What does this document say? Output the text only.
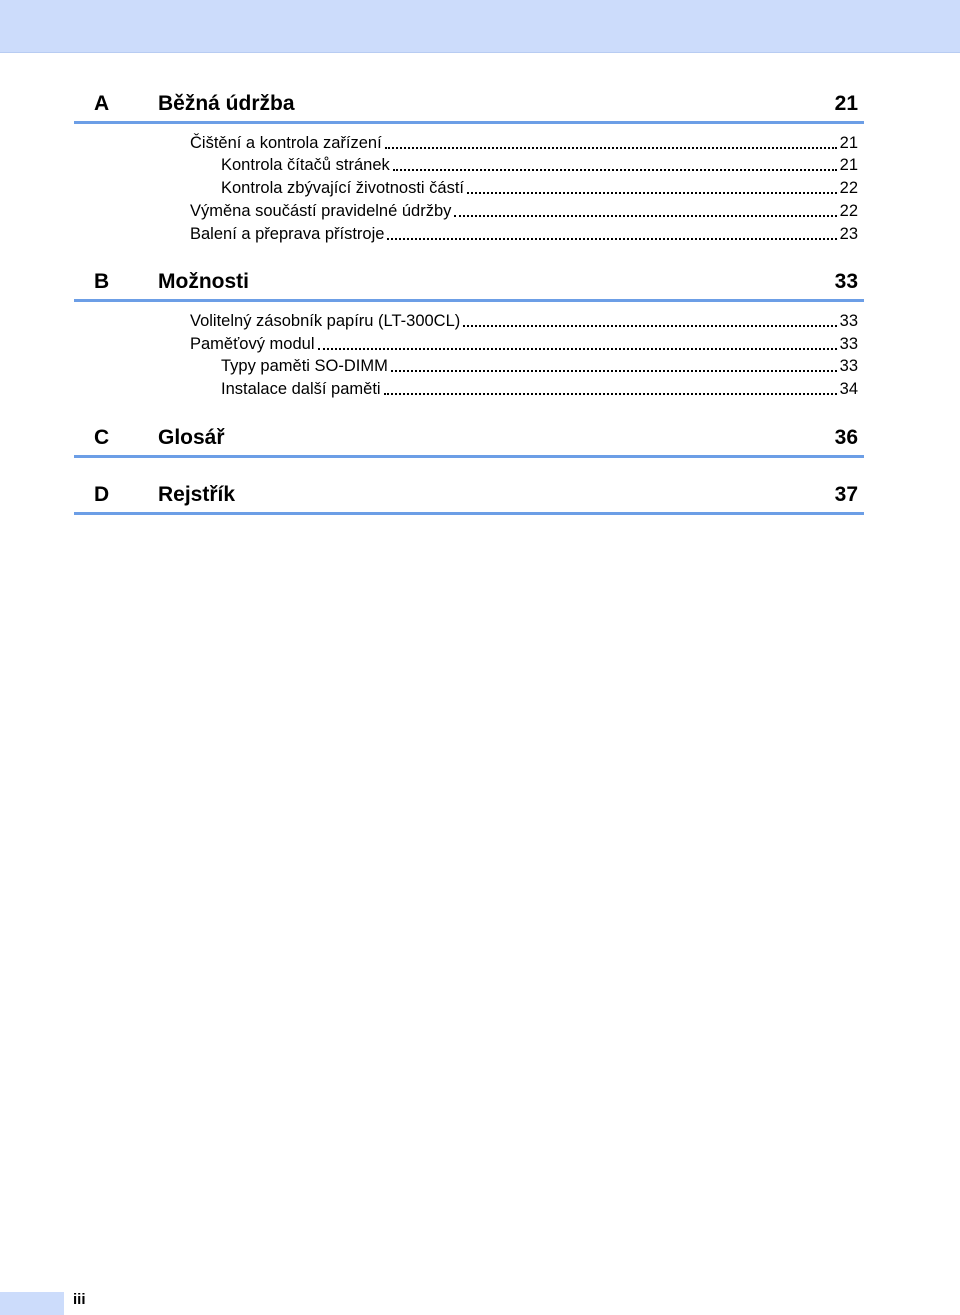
A Běžná údržba	21
Čištění a kontrola zařízení	21
Kontrola čítačů stránek	21
Kontrola zbývající životnosti částí	22
Výměna součástí pravidelné údržby	22
Balení a přeprava přístroje	23
B Možnosti	33
Volitelný zásobník papíru (LT-300CL)	33
Paměťový modul	33
Typy paměti SO-DIMM	33
Instalace další paměti	34
C Glosář	36
D Rejstřík	37
iii
